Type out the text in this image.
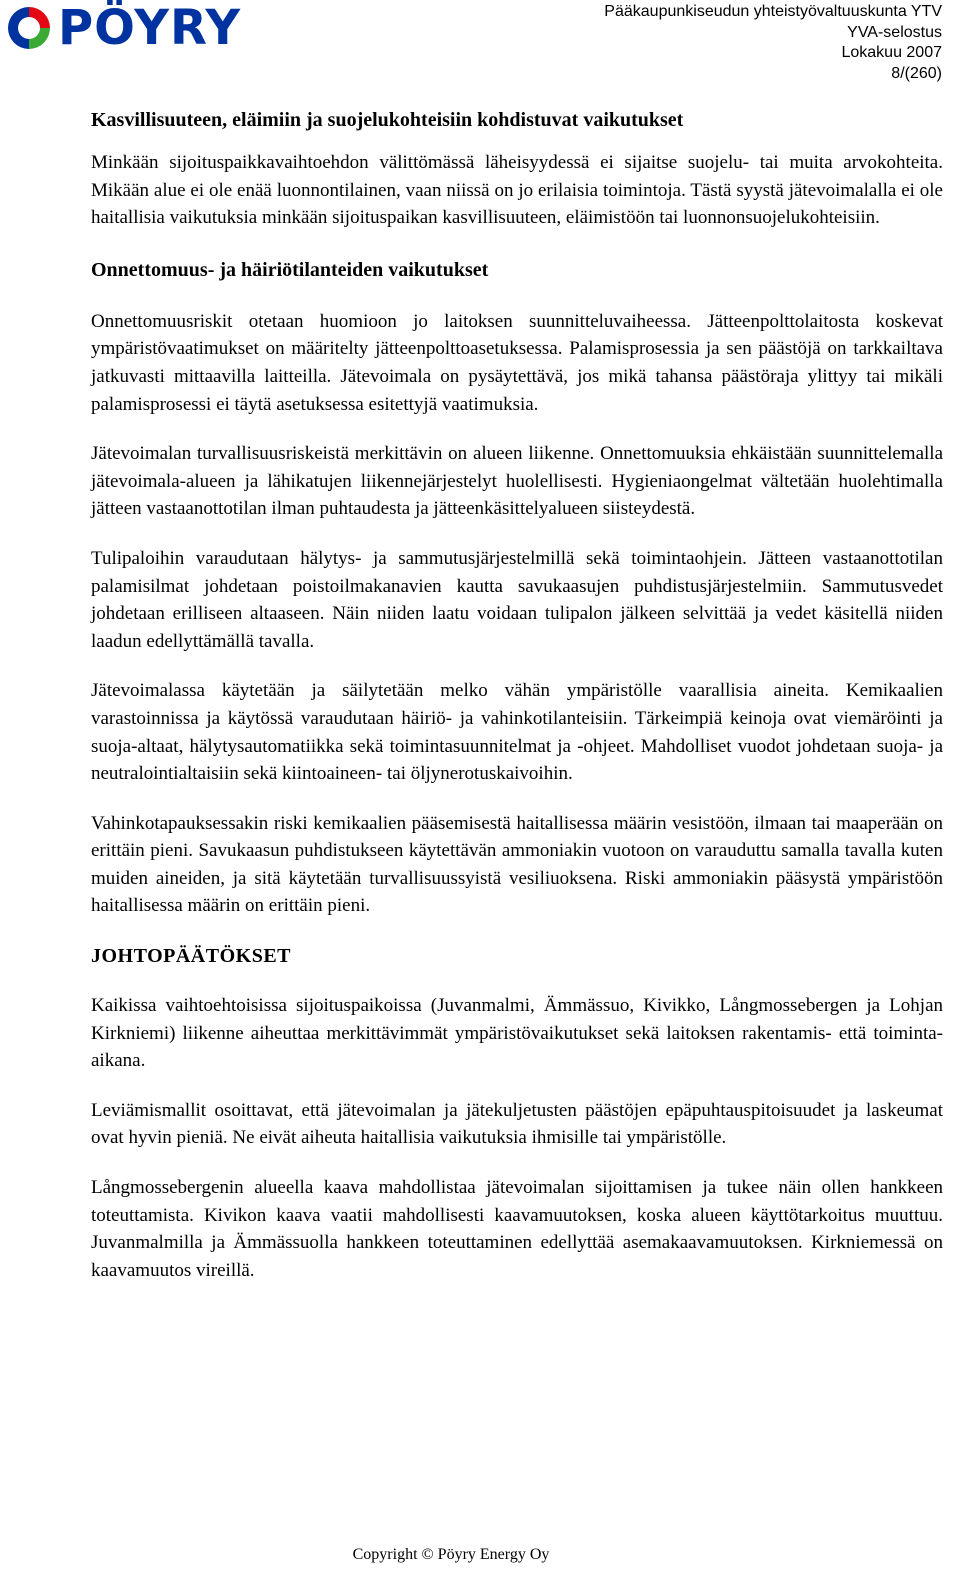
PÖYRY	Pääkaupunkiseudun yhteistyövaltuuskunta YTV
YVA-selostus
Lokakuu 2007
8/(260)

Kasvillisuuteen, eläimiin ja suojelukohteisiin kohdistuvat vaikutukset

Minkään sijoituspaikkavaihtoehdon välittömässä läheisyydessä ei sijaitse suojelu- tai muita arvokohteita. Mikään alue ei ole enää luonnontilainen, vaan niissä on jo erilaisia toimintoja. Tästä syystä jätevoimalalla ei ole haitallisia vaikutuksia minkään sijoituspaikan kasvillisuuteen, eläimistöön tai luonnonsuojelukohteisiin.

Onnettomuus- ja häiriötilanteiden vaikutukset

Onnettomuusriskit otetaan huomioon jo laitoksen suunnitteluvaiheessa. Jätteenpolttolaitosta koskevat ympäristövaatimukset on määritelty jätteenpolttoasetuksessa. Palamisprosessia ja sen päästöjä on tarkkailtava jatkuvasti mittaavilla laitteilla. Jätevoimala on pysäytettävä, jos mikä tahansa päästöraja ylittyy tai mikäli palamisprosessi ei täytä asetuksessa esitettyjä vaatimuksia.

Jätevoimalan turvallisuusriskeistä merkittävin on alueen liikenne. Onnettomuuksia ehkäistään suunnittelemalla jätevoimala-alueen ja lähikatujen liikennejärjestelyt huolellisesti. Hygieniaongelmat vältetään huolehtimalla jätteen vastaanottotilan ilman puhtaudesta ja jätteenkäsittelyalueen siisteydestä.

Tulipaloihin varaudutaan hälytys- ja sammutusjärjestelmillä sekä toimintaohjein. Jätteen vastaanottotilan palamisilmat johdetaan poistoilmakanavien kautta savukaasujen puhdistusjärjestelmiin. Sammutusvedet johdetaan erilliseen altaaseen. Näin niiden laatu voidaan tulipalon jälkeen selvittää ja vedet käsitellä niiden laadun edellyttämällä tavalla.

Jätevoimalassa käytetään ja säilytetään melko vähän ympäristölle vaarallisia aineita. Kemikaalien varastoinnissa ja käytössä varaudutaan häiriö- ja vahinkotilanteisiin. Tärkeimpiä keinoja ovat viemäröinti ja suoja-altaat, hälytysautomatiikka sekä toimintasuunnitelmat ja -ohjeet. Mahdolliset vuodot johdetaan suoja- ja neutralointialtaisiin sekä kiintoaineen- tai öljynerotuskaivoihin.

Vahinkotapauksessakin riski kemikaalien pääsemisestä haitallisessa määrin vesistöön, ilmaan tai maaperään on erittäin pieni. Savukaasun puhdistukseen käytettävän ammoniakin vuotoon on varauduttu samalla tavalla kuten muiden aineiden, ja sitä käytetään turvallisuussyistä vesiliuoksena. Riski ammoniakin pääsystä ympäristöön haitallisessa määrin on erittäin pieni.

JOHTOPÄÄTÖKSET

Kaikissa vaihtoehtoisissa sijoituspaikoissa (Juvanmalmi, Ämmässuo, Kivikko, Långmossebergen ja Lohjan Kirkniemi) liikenne aiheuttaa merkittävimmät ympäristövaikutukset sekä laitoksen rakentamis- että toiminta-aikana.

Leviämismallit osoittavat, että jätevoimalan ja jätekuljetusten päästöjen epäpuhtauspitoisuudet ja laskeumat ovat hyvin pieniä. Ne eivät aiheuta haitallisia vaikutuksia ihmisille tai ympäristölle.

Långmossebergenin alueella kaava mahdollistaa jätevoimalan sijoittamisen ja tukee näin ollen hankkeen toteuttamista. Kivikon kaava vaatii mahdollisesti kaavamuutoksen, koska alueen käyttötarkoitus muuttuu. Juvanmalmilla ja Ämmässuolla hankkeen toteuttaminen edellyttää asemakaavamuutoksen. Kirkniemessä on kaavamuutos vireillä.

Copyright © Pöyry Energy Oy
